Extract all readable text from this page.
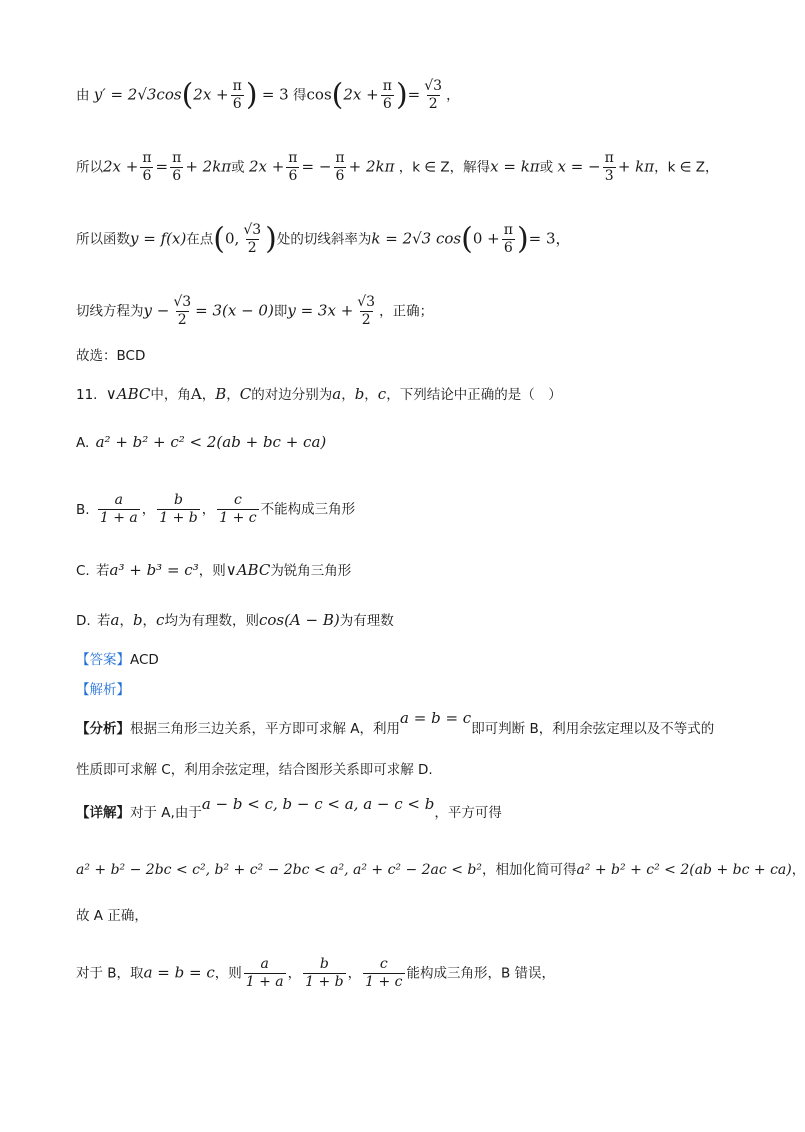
由 $y' = 2√3\cos(2x + \frac{\pi}{6}$ ) = 3 得$\cos(2x + \frac{\pi}{6}$ )= $\frac{√3}{2}$ ，
所以$2x + \frac{\pi}{6} = \frac{\pi}{6} + 2k\pi$或 $2x + \frac{\pi}{6}$ = − $\frac{\pi}{6} + 2k\pi$ ，k ∈ Z，解得x = kπ或 x = − $\frac{\pi}{3} + k\pi$，k ∈ Z，
所以函数y = f(x)在点(0, $\frac{√3}{2}$ )处的切线斜率为k = 2√3 $\cos(0 + \frac{\pi}{6}$ )= 3，
切线方程为$y - \frac{√3}{2} = 3(x - 0)$即$y = 3x + \frac{√3}{2}$ ，正确；
故选：BCD
11. ∨ABC中，角A，B，C的对边分别为a，b，c，下列结论中正确的是（　）
A. a² + b² + c² < 2(ab + bc + ca)
B. $\frac{a}{1 + a}$ ， $\frac{b}{1 + b}$ ， $\frac{c}{1 + c}$ 不能构成三角形
C. 若a³ + b³ = c³，则∨ABC为锐角三角形
D. 若a，b，c均为有理数，则cos(A − B)为有理数
【答案】ACD
【解析】
【分析】根据三角形三边关系，平方即可求解 A，利用a = b = c即可判断 B，利用余弦定理以及不等式的
性质即可求解 C，利用余弦定理，结合图形关系即可求解 D.
【详解】对于 A,由于a − b < c, b − c < a, a − c < b，平方可得
a² + b² − 2bc < c², b² + c² − 2bc < a², a² + c² − 2ac < b²，相加化简可得a² + b² + c² < 2(ab + bc + ca)，
故 A 正确，
对于 B，取a = b = c，则 $\frac{a}{1 + a}$ ， $\frac{b}{1 + b}$ ， $\frac{c}{1 + c}$ 能构成三角形，B 错误，
